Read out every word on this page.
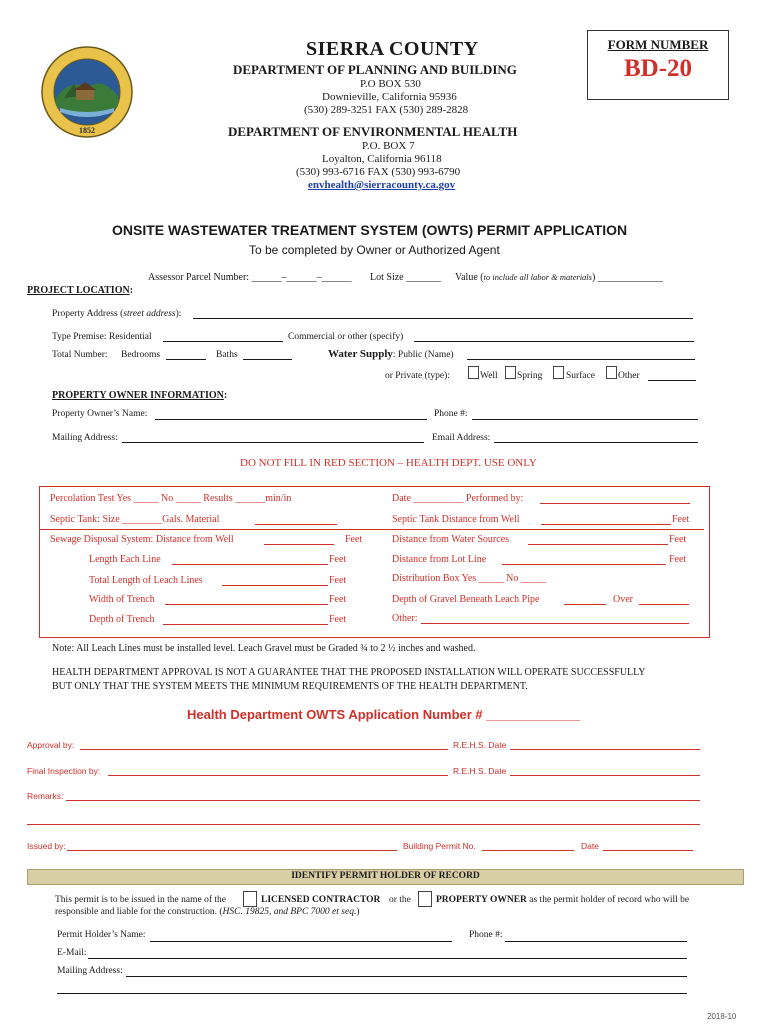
1852
SIERRA COUNTY
DEPARTMENT OF PLANNING AND BUILDING
P.O BOX 530
Downieville, California 95936
(530) 289-3251 FAX (530) 289-2828
DEPARTMENT OF ENVIRONMENTAL HEALTH
P.O. BOX 7
Loyalton, California 96118
(530) 993-6716 FAX (530) 993-6790
envhealth@sierracounty.ca.gov
FORM NUMBER
BD-20
ONSITE WASTEWATER TREATMENT SYSTEM (OWTS) PERMIT APPLICATION
To be completed by Owner or Authorized Agent
Assessor Parcel Number: ______–______–______ Lot Size _______ Value (to include all labor & materials) _____________
PROJECT LOCATION:
Property Address (street address):
Type Premise: Residential	Commercial or other (specify)
Total Number: Bedrooms	Baths	Water Supply: Public (Name)
or Private (type):	Well Spring Surface Other
PROPERTY OWNER INFORMATION:
Property Owner’s Name:	Phone #:
Mailing Address:	Email Address:
DO NOT FILL IN RED SECTION – HEALTH DEPT. USE ONLY
Percolation Test Yes _____ No _____ Results ______min/in	Date __________ Performed by:
Septic Tank: Size ________Gals. Material	Septic Tank Distance from Well	Feet
Sewage Disposal System: Distance from Well	Feet	Distance from Water Sources	Feet
Length Each Line	Feet	Distance from Lot Line	Feet
Total Length of Leach Lines	Feet	Distribution Box Yes _____ No _____
Width of Trench	Feet	Depth of Gravel Beneath Leach Pipe	Over
Depth of Trench	Feet	Other:
Note: All Leach Lines must be installed level. Leach Gravel must be Graded ¾ to 2 ½ inches and washed.
HEALTH DEPARTMENT APPROVAL IS NOT A GUARANTEE THAT THE PROPOSED INSTALLATION WILL OPERATE SUCCESSFULLY
BUT ONLY THAT THE SYSTEM MEETS THE MINIMUM REQUIREMENTS OF THE HEALTH DEPARTMENT.
Health Department OWTS Application Number # _____________
Approval by:	R.E.H.S. Date
Final Inspection by:	R.E.H.S. Date
Remarks:
Issued by:	Building Permit No.	Date
IDENTIFY PERMIT HOLDER OF RECORD
This permit is to be issued in the name of the	LICENSED CONTRACTOR or the	PROPERTY OWNER as the permit holder of record who will be
responsible and liable for the construction. (HSC. 19825, and BPC 7000 et seq.)
Permit Holder’s Name:	Phone #:
E-Mail:
Mailing Address:
2018-10
